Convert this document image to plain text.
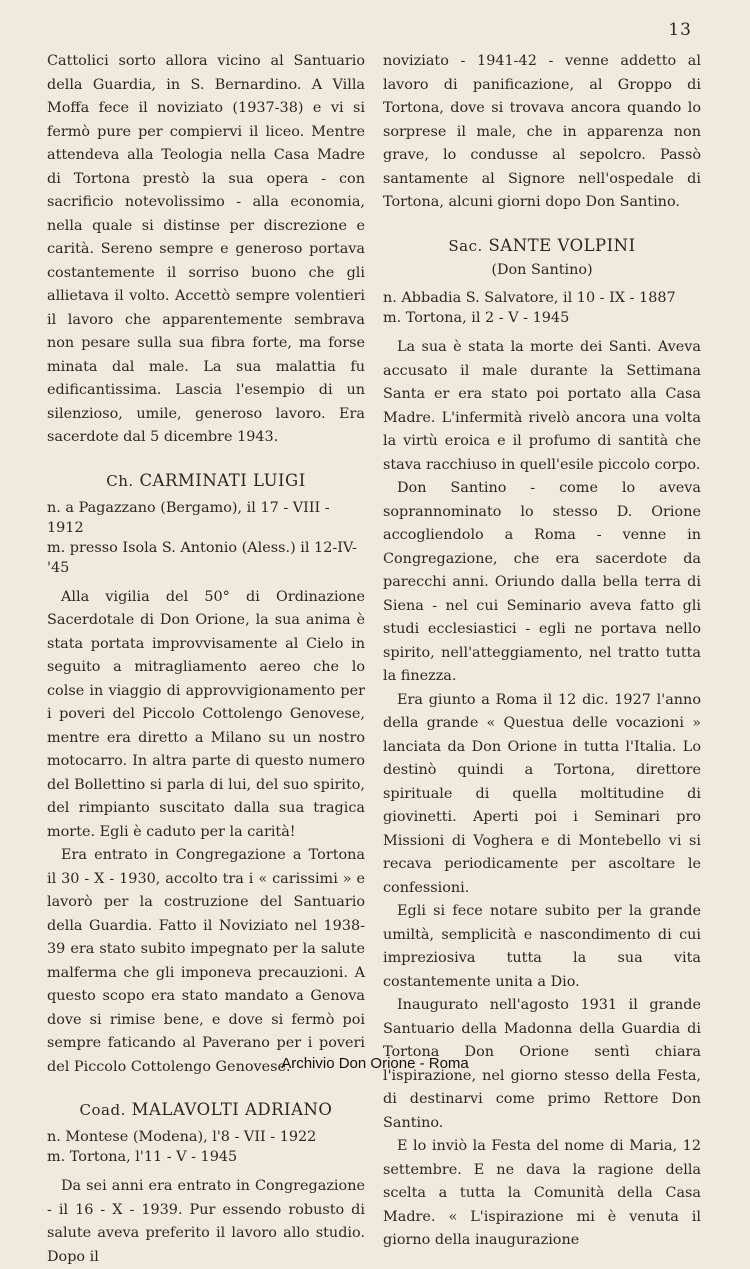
13

Cattolici sorto allora vicino al Santuario della Guardia, in S. Bernardino. A Villa Moffa fece il noviziato (1937-38) e vi si fermò pure per compiervi il liceo. Mentre attendeva alla Teologia nella Casa Madre di Tortona prestò la sua opera - con sacrificio notevolissimo - alla economia, nella quale si distinse per discrezione e carità. Sereno sempre e generoso portava costantemente il sorriso buono che gli allietava il volto. Accettò sempre volentieri il lavoro che apparentemente sembrava non pesare sulla sua fibra forte, ma forse minata dal male. La sua malattia fu edificantissima. Lascia l'esempio di un silenzioso, umile, generoso lavoro. Era sacerdote dal 5 dicembre 1943.

Ch. CARMINATI LUIGI
n. a Pagazzano (Bergamo), il 17 - VIII - 1912
m. presso Isola S. Antonio (Aless.) il 12-IV-'45

Alla vigilia del 50° di Ordinazione Sacerdotale di Don Orione, la sua anima è stata portata improvvisamente al Cielo in seguito a mitragliamento aereo che lo colse in viaggio di approvvigionamento per i poveri del Piccolo Cottolengo Genovese, mentre era diretto a Milano su un nostro motocarro. In altra parte di questo numero del Bollettino si parla di lui, del suo spirito, del rimpianto suscitato dalla sua tragica morte. Egli è caduto per la carità!

Era entrato in Congregazione a Tortona il 30 - X - 1930, accolto tra i « carissimi » e lavorò per la costruzione del Santuario della Guardia. Fatto il Noviziato nel 1938-39 era stato subito impegnato per la salute malferma che gli imponeva precauzioni. A questo scopo era stato mandato a Genova dove si rimise bene, e dove si fermò poi sempre faticando al Paverano per i poveri del Piccolo Cottolengo Genovese.

Coad. MALAVOLTI ADRIANO
n. Montese (Modena), l'8 - VII - 1922
m. Tortona, l'11 - V - 1945

Da sei anni era entrato in Congregazione - il 16 - X - 1939. Pur essendo robusto di salute aveva preferito il lavoro allo studio. Dopo il

noviziato - 1941-42 - venne addetto al lavoro di panificazione, al Groppo di Tortona, dove si trovava ancora quando lo sorprese il male, che in apparenza non grave, lo condusse al sepolcro. Passò santamente al Signore nell'ospedale di Tortona, alcuni giorni dopo Don Santino.

Sac. SANTE VOLPINI
(Don Santino)
n. Abbadia S. Salvatore, il 10 - IX - 1887
m. Tortona, il 2 - V - 1945

La sua è stata la morte dei Santi. Aveva accusato il male durante la Settimana Santa er era stato poi portato alla Casa Madre. L'infermità rivelò ancora una volta la virtù eroica e il profumo di santità che stava racchiuso in quell'esile piccolo corpo.

Don Santino - come lo aveva soprannominato lo stesso D. Orione accogliendolo a Roma - venne in Congregazione, che era sacerdote da parecchi anni. Oriundo dalla bella terra di Siena - nel cui Seminario aveva fatto gli studi ecclesiastici - egli ne portava nello spirito, nell'atteggiamento, nel tratto tutta la finezza.

Era giunto a Roma il 12 dic. 1927 l'anno della grande « Questua delle vocazioni » lanciata da Don Orione in tutta l'Italia. Lo destinò quindi a Tortona, direttore spirituale di quella moltitudine di giovinetti. Aperti poi i Seminari pro Missioni di Voghera e di Montebello vi si recava periodicamente per ascoltare le confessioni.

Egli si fece notare subito per la grande umiltà, semplicità e nascondimento di cui impreziosiva tutta la sua vita costantemente unita a Dio.

Inaugurato nell'agosto 1931 il grande Santuario della Madonna della Guardia di Tortona Don Orione sentì chiara l'ispirazione, nel giorno stesso della Festa, di destinarvi come primo Rettore Don Santino.

E lo inviò la Festa del nome di Maria, 12 settembre. E ne dava la ragione della scelta a tutta la Comunità della Casa Madre. « L'ispirazione mi è venuta il giorno della inaugurazione

Archivio Don Orione - Roma
